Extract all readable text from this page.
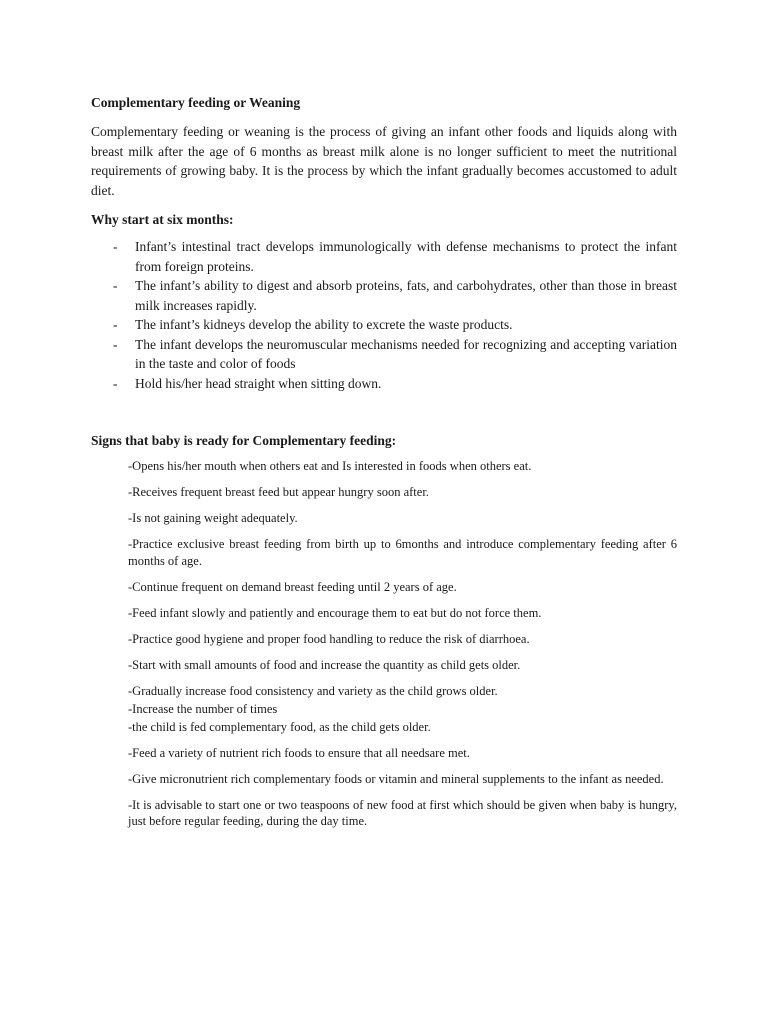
Complementary feeding or Weaning

Complementary feeding or weaning is the process of giving an infant other foods and liquids along with breast milk after the age of 6 months as breast milk alone is no longer sufficient to meet the nutritional requirements of growing baby. It is the process by which the infant gradually becomes accustomed to adult diet.

Why start at six months:
- Infant’s intestinal tract develops immunologically with defense mechanisms to protect the infant from foreign proteins.
- The infant’s ability to digest and absorb proteins, fats, and carbohydrates, other than those in breast milk increases rapidly.
- The infant’s kidneys develop the ability to excrete the waste products.
- The infant develops the neuromuscular mechanisms needed for recognizing and accepting variation in the taste and color of foods
- Hold his/her head straight when sitting down.
Signs that baby is ready for Complementary feeding:

-Opens his/her mouth when others eat and Is interested in foods when others eat.

-Receives frequent breast feed but appear hungry soon after.

-Is not gaining weight adequately.

-Practice exclusive breast feeding from birth up to 6months and introduce complementary feeding after 6 months of age.

-Continue frequent on demand breast feeding until 2 years of age.

-Feed infant slowly and patiently and encourage them to eat but do not force them.

-Practice good hygiene and proper food handling to reduce the risk of diarrhoea.

-Start with small amounts of food and increase the quantity as child gets older.

-Gradually increase food consistency and variety as the child grows older.

-Increase the number of times

-the child is fed complementary food, as the child gets older.

-Feed a variety of nutrient rich foods to ensure that all needsare met.

-Give micronutrient rich complementary foods or vitamin and mineral supplements to the infant as needed.

-It is advisable to start one or two teaspoons of new food at first which should be given when baby is hungry, just before regular feeding, during the day time.
